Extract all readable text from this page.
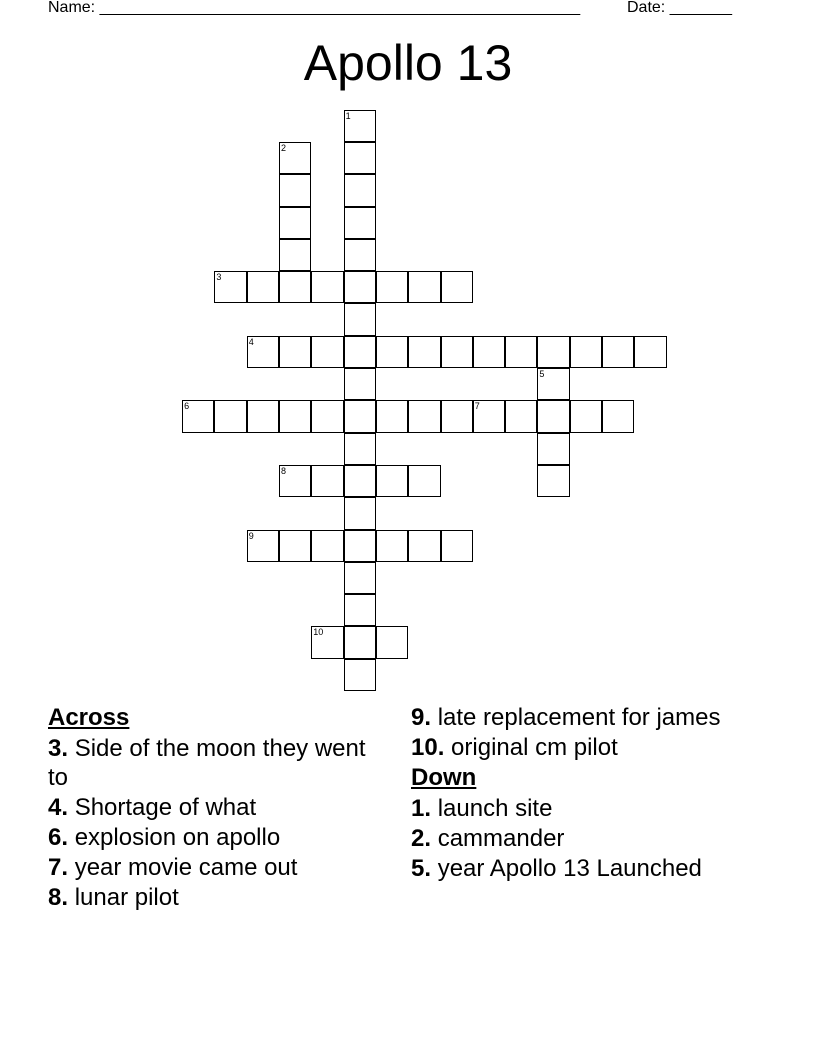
Name: ______________________________________________________	Date: _______
Apollo 13
1
2
3
4
5
6	7
8
9
10
Across
3. Side of the moon they went to
4. Shortage of what
6. explosion on apollo
7. year movie came out
8. lunar pilot
9. late replacement for james
10. original cm pilot
Down
1. launch site
2. cammander
5. year Apollo 13 Launched
